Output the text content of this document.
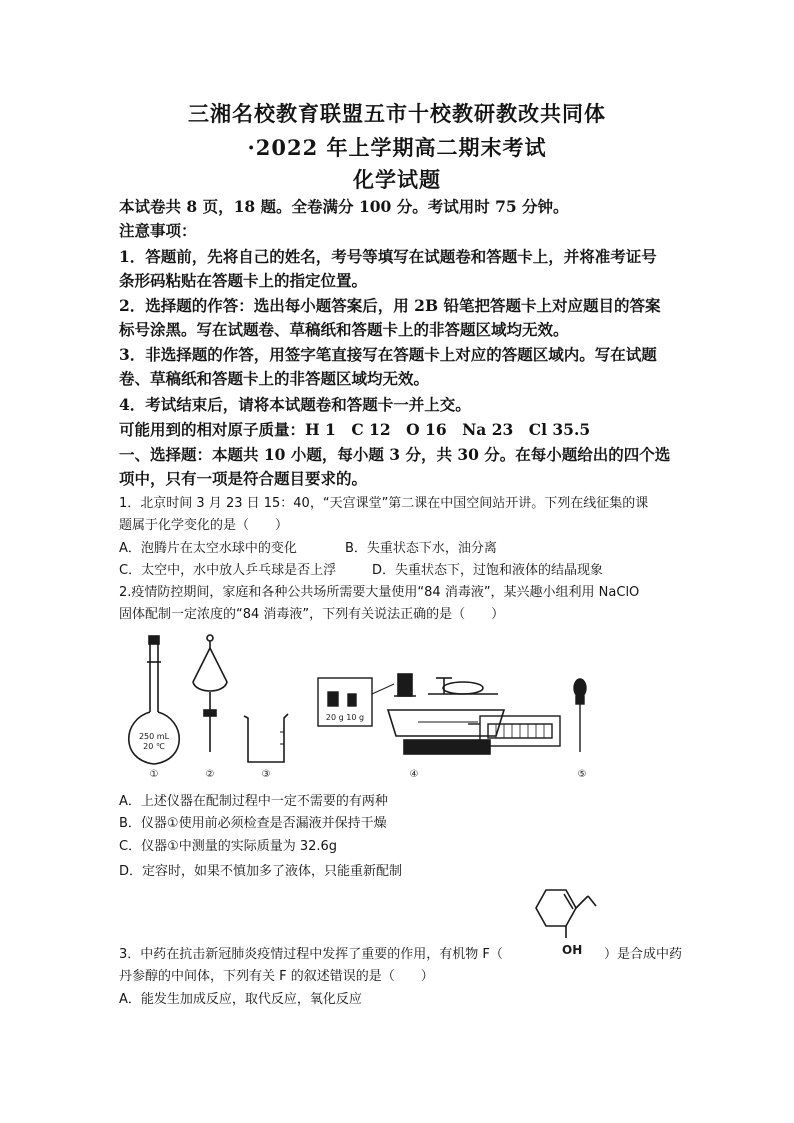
三湘名校教育联盟五市十校教研教改共同体
·2022 年上学期高二期末考试
化学试题
本试卷共 8 页，18 题。全卷满分 100 分。考试用时 75 分钟。
注意事项：
1．答题前，先将自己的姓名，考号等填写在试题卷和答题卡上，并将准考证号
条形码粘贴在答题卡上的指定位置。
2．选择题的作答：选出每小题答案后，用 2B 铅笔把答题卡上对应题目的答案
标号涂黑。写在试题卷、草稿纸和答题卡上的非答题区域均无效。
3．非选择题的作答，用签字笔直接写在答题卡上对应的答题区域内。写在试题
卷、草稿纸和答题卡上的非答题区域均无效。
4．考试结束后，请将本试题卷和答题卡一并上交。
可能用到的相对原子质量：H 1　C 12　O 16　Na 23　Cl 35.5
一、选择题：本题共 10 小题，每小题 3 分，共 30 分。在每小题给出的四个选
项中，只有一项是符合题目要求的。
1．北京时间 3 月 23 日 15：40，“天宫课堂”第二课在中国空间站开讲。下列在线征集的课
题属于化学变化的是（　　）
A．泡腾片在太空水球中的变化	B．失重状态下水，油分离
C．太空中，水中放人乒乓球是否上浮	D．失重状态下，过饱和液体的结晶现象
2.疫情防控期间，家庭和各种公共场所需要大量使用“84 消毒液”，某兴趣小组利用 NaClO
固体配制一定浓度的“84 消毒液”，下列有关说法正确的是（　　）
250 mL
20 ℃
20 g 10 g
①	②	③	④	⑤
A．上述仪器在配制过程中一定不需要的有两种
B．仪器①使用前必须检查是否漏液并保持干燥
C．仪器①中测量的实际质量为 32.6g
D．定容时，如果不慎加多了液体，只能重新配制
OH
3．中药在抗击新冠肺炎疫情过程中发挥了重要的作用，有机物 F（	）是合成中药
丹参醇的中间体，下列有关 F 的叙述错误的是（　　）
A．能发生加成反应，取代反应，氧化反应
